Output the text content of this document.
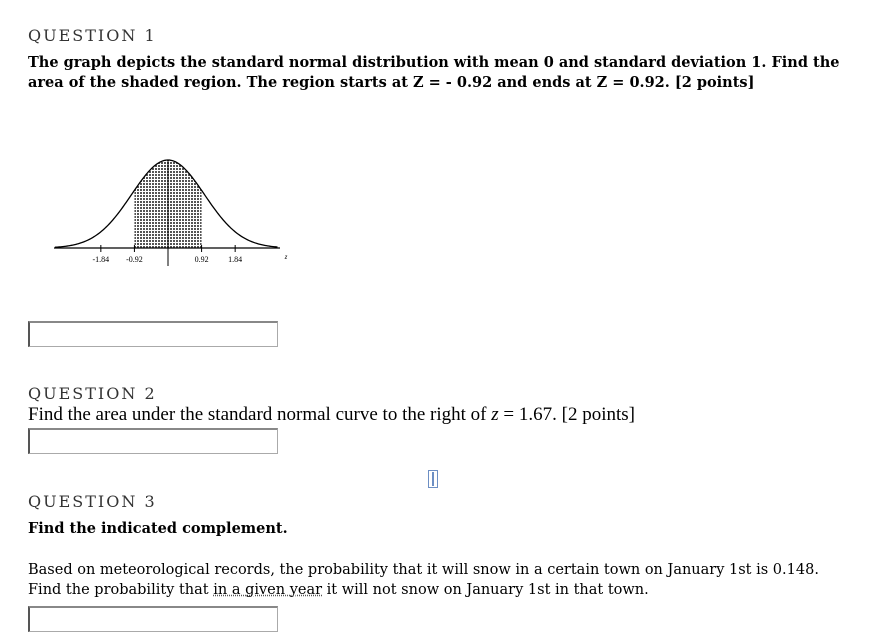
QUESTION 1
The graph depicts the standard normal distribution with mean 0 and standard deviation 1. Find the
area of the shaded region. The region starts at Z = - 0.92 and ends at Z = 0.92. [2 points]
-1.84 -0.92	0.92 1.84	z
QUESTION 2
Find the area under the standard normal curve to the right of z = 1.67. [2 points]
QUESTION 3
Find the indicated complement.
Based on meteorological records, the probability that it will snow in a certain town on January 1st is 0.148.
Find the probability that in a given year it will not snow on January 1st in that town.
